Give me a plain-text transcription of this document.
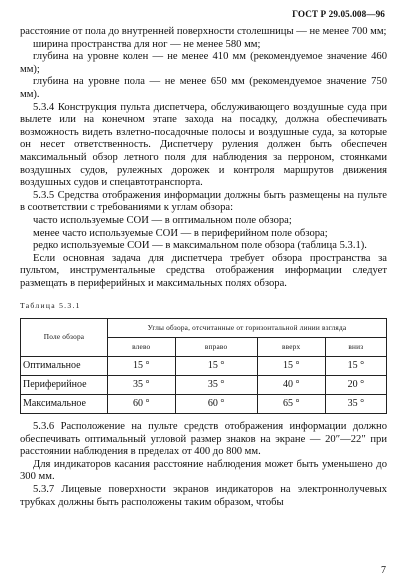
ГОСТ Р 29.05.008—96

расстояние от пола до внутренней поверхности столешницы — не менее 700 мм;

ширина пространства для ног — не менее 580 мм;

глубина на уровне колен — не менее 410 мм (рекомендуемое значение 460 мм);

глубина на уровне пола — не менее 650 мм (рекомендуемое значение 750 мм).

5.3.4 Конструкция пульта диспетчера, обслуживающего воздушные суда при вылете или на конечном этапе захода на посадку, должна обеспечивать возможность видеть взлетно-посадочные полосы и воздушные суда, за которые он несет ответственность. Диспетчеру руления должен быть обеспечен максимальный обзор летного поля для наблюдения за перроном, стоянками воздушных судов, рулежных дорожек и контроля маршрутов движения воздушных судов и спецавтотранспорта.

5.3.5 Средства отображения информации должны быть размещены на пульте в соответствии с требованиями к углам обзора:

часто используемые СОИ — в оптимальном поле обзора;

менее часто используемые СОИ — в периферийном поле обзора;

редко используемые СОИ — в максимальном поле обзора (таблица 5.3.1).

Если основная задача для диспетчера требует обзора пространства за пультом, инструментальные средства отображения информации следует размещать в периферийных и максимальных полях обзора.

Таблица 5.3.1
Поле обзора	Углы обзора, отсчитанные от горизонтальной линии взгляда			
	влево	вправо	вверх	вниз
Оптимальное	15 °	15 °	15 °	15 °
Периферийное	35 °	35 °	40 °	20 °
Максимальное	60 °	60 °	65 °	35 °

5.3.6 Расположение на пульте средств отображения информации должно обеспечивать оптимальный угловой размер знаков на экране — 20″—22″ при расстоянии наблюдения в пределах от 400 до 800 мм.

Для индикаторов касания расстояние наблюдения может быть уменьшено до 300 мм.

5.3.7 Лицевые поверхности экранов индикаторов на электроннолучевых трубках должны быть расположены таким образом, чтобы

7
